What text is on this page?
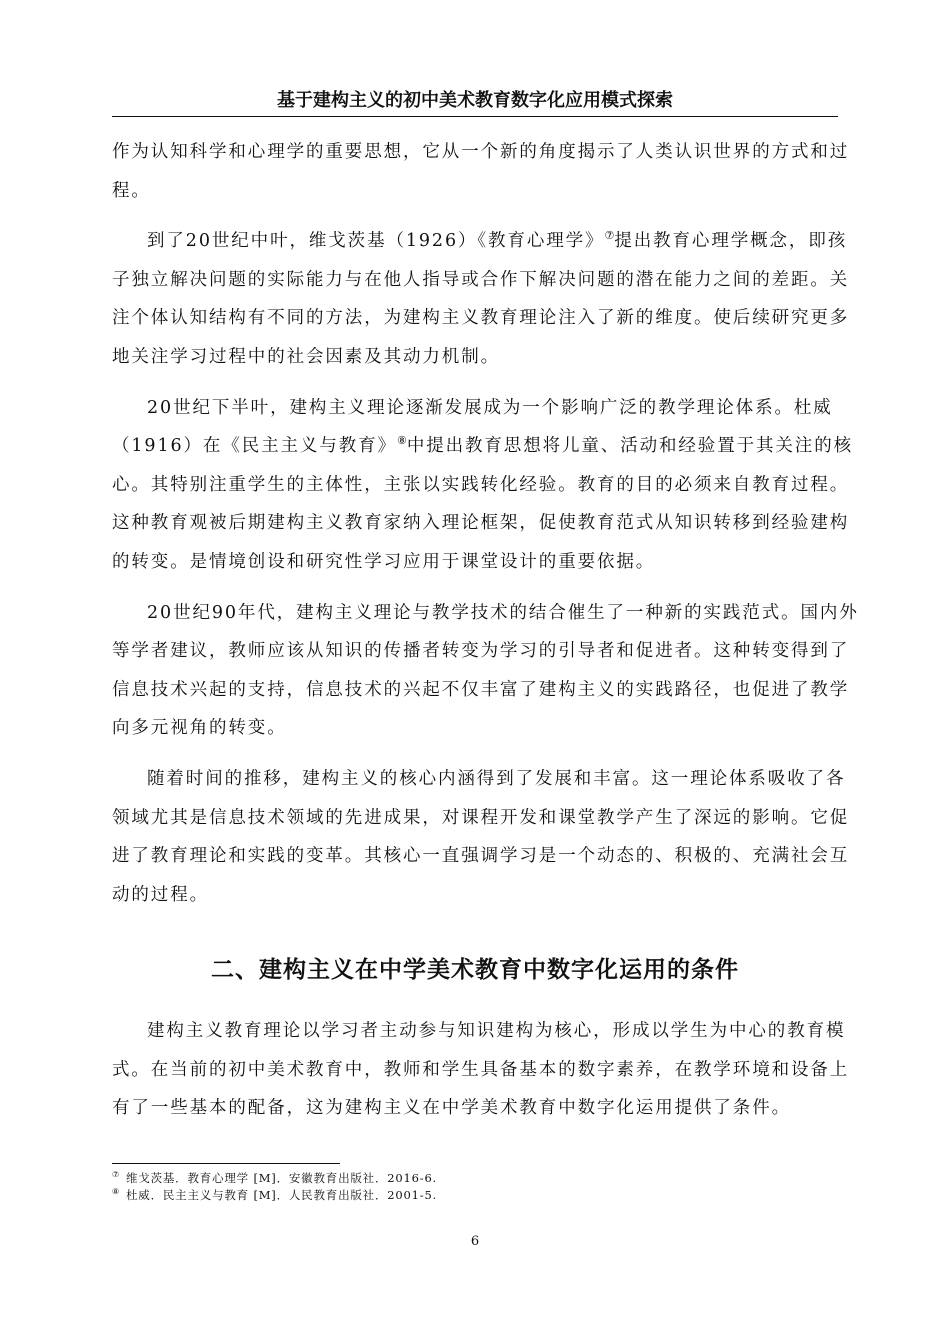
基于建构主义的初中美术教育数字化应用模式探索

作为认知科学和心理学的重要思想，它从一个新的角度揭示了人类认识世界的方式和过程。

到了20世纪中叶，维戈茨基（1926）《教育心理学》⑦提出教育心理学概念，即孩子独立解决问题的实际能力与在他人指导或合作下解决问题的潜在能力之间的差距。关注个体认知结构有不同的方法，为建构主义教育理论注入了新的维度。使后续研究更多地关注学习过程中的社会因素及其动力机制。

20世纪下半叶，建构主义理论逐渐发展成为一个影响广泛的教学理论体系。杜威（1916）在《民主主义与教育》⑧中提出教育思想将儿童、活动和经验置于其关注的核心。其特别注重学生的主体性，主张以实践转化经验。教育的目的必须来自教育过程。这种教育观被后期建构主义教育家纳入理论框架，促使教育范式从知识转移到经验建构的转变。是情境创设和研究性学习应用于课堂设计的重要依据。

20世纪90年代，建构主义理论与教学技术的结合催生了一种新的实践范式。国内外等学者建议，教师应该从知识的传播者转变为学习的引导者和促进者。这种转变得到了信息技术兴起的支持，信息技术的兴起不仅丰富了建构主义的实践路径，也促进了教学向多元视角的转变。

随着时间的推移，建构主义的核心内涵得到了发展和丰富。这一理论体系吸收了各领域尤其是信息技术领域的先进成果，对课程开发和课堂教学产生了深远的影响。它促进了教育理论和实践的变革。其核心一直强调学习是一个动态的、积极的、充满社会互动的过程。

二、建构主义在中学美术教育中数字化运用的条件

建构主义教育理论以学习者主动参与知识建构为核心，形成以学生为中心的教育模式。在当前的初中美术教育中，教师和学生具备基本的数字素养，在教学环境和设备上有了一些基本的配备，这为建构主义在中学美术教育中数字化运用提供了条件。

⑦ 维戈茨基．教育心理学 [M]．安徽教育出版社．2016-6.
⑧ 杜威．民主主义与教育 [M]．人民教育出版社．2001-5.
6
